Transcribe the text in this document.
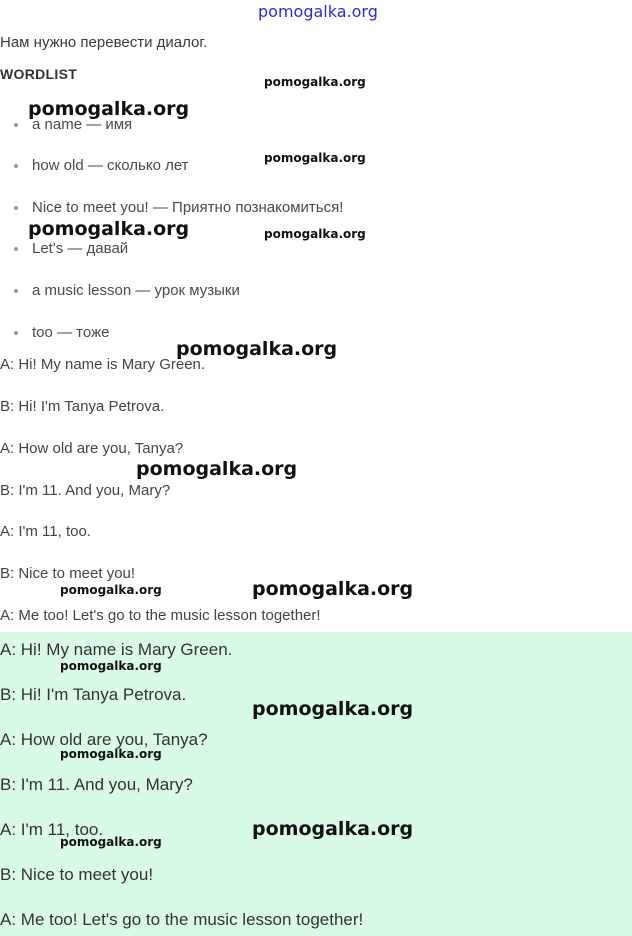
pomogalka.org
Нам нужно перевести диалог.
WORDLIST
a name — имя
how old — сколько лет
Nice to meet you! — Приятно познакомиться!
Let's — давай
a music lesson — урок музыки
too — тоже
A: Hi! My name is Mary Green.
B: Hi! I'm Tanya Petrova.
A: How old are you, Tanya?
B: I'm 11. And you, Mary?
A: I'm 11, too.
B: Nice to meet you!
A: Me too! Let's go to the music lesson together!
A: Hi! My name is Mary Green.
B: Hi! I'm Tanya Petrova.
A: How old are you, Tanya?
B: I'm 11. And you, Mary?
A: I'm 11, too.
B: Nice to meet you!
A: Me too! Let's go to the music lesson together!
pomogalka.org
pomogalka.org
pomogalka.org
pomogalka.org	pomogalka.org
pomogalka.org
pomogalka.org
pomogalka.org
pomogalka.org
pomogalka.org
pomogalka.org
pomogalka.org
pomogalka.org
pomogalka.org
